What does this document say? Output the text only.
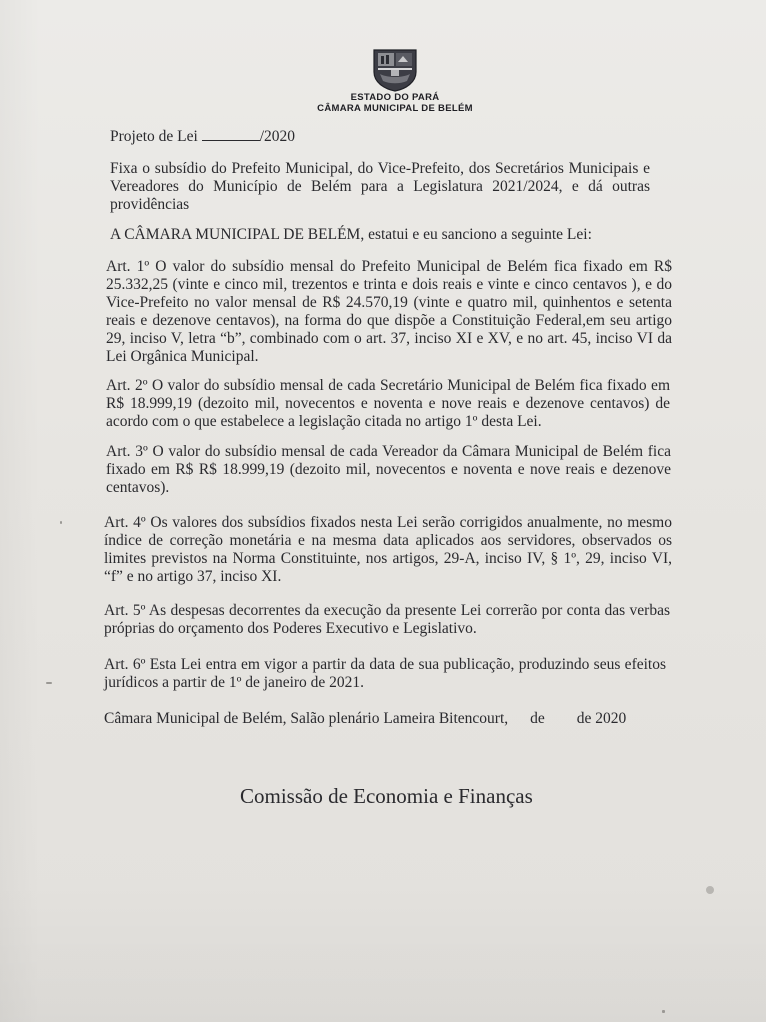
ESTADO DO PARÁ
CÂMARA MUNICIPAL DE BELÉM
Projeto de Lei	/2020
Fixa o subsídio do Prefeito Municipal, do Vice-Prefeito, dos Secretários Municipais e Vereadores do Município de Belém para a Legislatura 2021/2024, e dá outras providências
A CÂMARA MUNICIPAL DE BELÉM, estatui e eu sanciono a seguinte Lei:
Art. 1º O valor do subsídio mensal do Prefeito Municipal de Belém fica fixado em R$ 25.332,25 (vinte e cinco mil, trezentos e trinta e dois reais e vinte e cinco centavos ), e do Vice-Prefeito no valor mensal de R$ 24.570,19 (vinte e quatro mil, quinhentos e setenta reais e dezenove centavos), na forma do que dispõe a Constituição Federal,em seu artigo 29, inciso V, letra “b”, combinado com o art. 37, inciso XI e XV, e no art. 45, inciso VI da Lei Orgânica Municipal.
Art. 2º O valor do subsídio mensal de cada Secretário Municipal de Belém fica fixado em R$ 18.999,19 (dezoito mil, novecentos e noventa e nove reais e dezenove centavos) de acordo com o que estabelece a legislação citada no artigo 1º desta Lei.
Art. 3º O valor do subsídio mensal de cada Vereador da Câmara Municipal de Belém fica fixado em R$ R$ 18.999,19 (dezoito mil, novecentos e noventa e nove reais e dezenove centavos).
Art. 4º Os valores dos subsídios fixados nesta Lei serão corrigidos anualmente, no mesmo índice de correção monetária e na mesma data aplicados aos servidores, observados os limites previstos na Norma Constituinte, nos artigos, 29-A, inciso IV, § 1º, 29, inciso VI, “f” e no artigo 37, inciso XI.
Art. 5º As despesas decorrentes da execução da presente Lei correrão por conta das verbas próprias do orçamento dos Poderes Executivo e Legislativo.
Art. 6º Esta Lei entra em vigor a partir da data de sua publicação, produzindo seus efeitos jurídicos a partir de 1º de janeiro de 2021.
Câmara Municipal de Belém, Salão plenário Lameira Bitencourt, de de 2020
Comissão de Economia e Finanças
